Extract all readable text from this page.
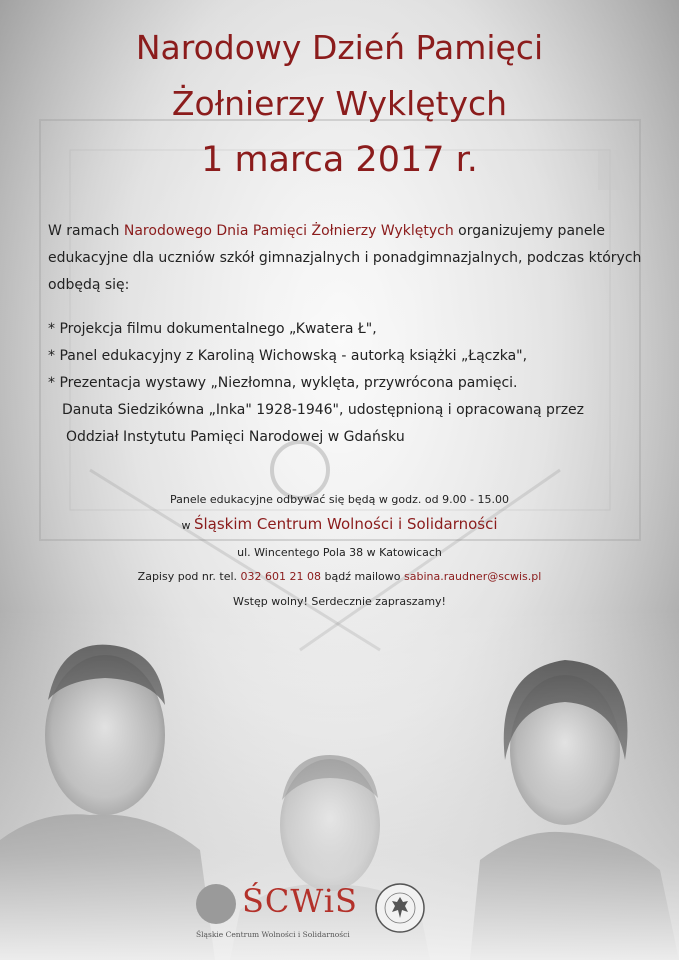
Narodowy Dzień Pamięci
Żołnierzy Wyklętych
1 marca 2017 r.
W ramach Narodowego Dnia Pamięci Żołnierzy Wyklętych organizujemy panele edukacyjne dla uczniów szkół gimnazjalnych i ponadgimnazjalnych, podczas których odbędą się:
* Projekcja filmu dokumentalnego „Kwatera Ł",
* Panel edukacyjny z Karoliną Wichowską - autorką książki „Łączka",
* Prezentacja wystawy „Niezłomna, wyklęta, przywrócona pamięci.
Danuta Siedzikówna „Inka" 1928-1946", udostępnioną i opracowaną przez
Oddział Instytutu Pamięci Narodowej w Gdańsku
Panele edukacyjne odbywać się będą w godz. od 9.00 - 15.00
w Śląskim Centrum Wolności i Solidarności
ul. Wincentego Pola 38 w Katowicach
Zapisy pod nr. tel. 032 601 21 08 bądź mailowo sabina.raudner@scwis.pl
Wstęp wolny! Serdecznie zapraszamy!
ŚCWiS
Śląskie Centrum Wolności i Solidarności
